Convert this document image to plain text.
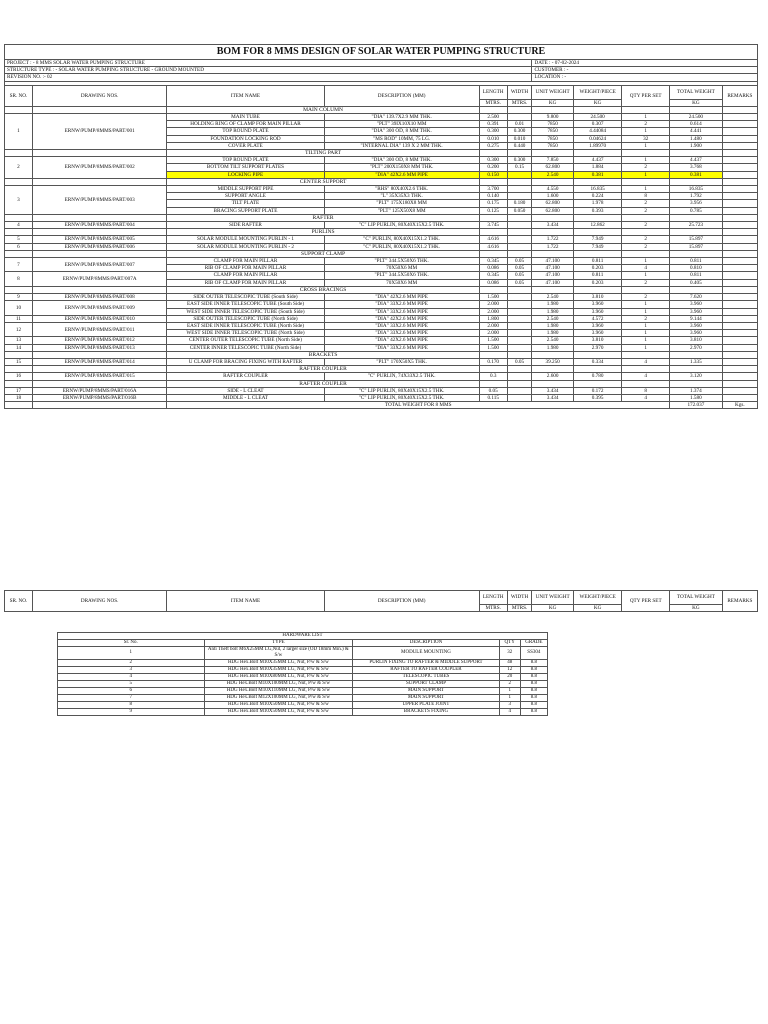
BOM FOR 8 MMS DESIGN OF SOLAR WATER PUMPING STRUCTURE										
PROJECT : - 8 MMS SOLAR WATER PUMPING STRUCTURE						DATE : - 07-02-2024				
STRUCTURE TYPE : - SOLAR WATER PUMPING STRUCTURE - GROUND MOUNTED						CUSTOMER : -				
REVISION NO. :- 02						LOCATION : -				

SR. NO.	DRAWING NOS.	ITEM NAME	DESCRIPTION (MM)	LENGTH	WIDTH	UNIT WEIGHT	WEIGHT/PIECE	QTY PER SET	TOTAL WEIGHT	REMARKS
				MTRS.	MTRS.	KG	KG		KG	
		MAIN COLUMN								
1	ERNW/PUMP/8MMS/PART/001	MAIN TUBE	"DIA" 139.7X2.9 MM THK.	2.500		9.800	24.500	1	24.500	
		HOLDING RING OF CLAMP FOR MAIN PILLAR	"PLT" 39IX10X10 MM	0.391	0.01	7850	0.307	2	0.614	
		TOP ROUND PLATE	"DIA" 300 OD, 8 MM THK.	0.300	0.300	7850	4.44084	1	4.441	
		FOUNDATION LOCKING ROD	"MS ROD" 10MM, 75 LG.	0.010	0.010	7850	0.04624	32	1.480	
		COVER PLATE	"INTERNAL DIA" 139 X 2 MM THK.	0.275	0.440	7850	1.89970	1	1.900	
		TILTING PART								
2	ERNW/PUMP/8MMS/PART/002	TOP ROUND PLATE	"DIA" 300 OD, 8 MM THK.	0.300	0.300	7.850	4.437	1	4.437	
		BOTTOM TILT SUPPORT PLATES	"PLT" 200X150X8 MM THK.	0.200	0.15	62.800	1.884	2	3.768	
		LOCKING PIPE	"DIA" 42X2.6 MM PIPE	0.150		2.540	0.381	1	0.381	
		CENTER SUPPORT								
3	ERNW/PUMP/8MMS/PART/003	MIDDLE SUPPORT PIPE	"RHS" 80X40X2.6 THK.	3.700		4.550	16.835	1	16.835	
		SUPPORT ANGLE	"L" 35X35X3 THK.	0.140		1.600	0.224	8	1.792	
		TILT PLATE	"PLT" 175X180X8 MM	0.175	0.180	62.800	1.978	2	3.956	
		BRACING SUPPORT PLATE	"PLT" 125X50X8 MM	0.125	0.050	62.800	0.393	2	0.785	
		RAFTER								
4	ERNW/PUMP/8MMS/PART/004	SIDE RAFTER	"C" LIP PURLIN, 80X40X15X2.5 THK.	3.745		3.434	12.862	2	25.723	
		PURLINS								
5	ERNW/PUMP/8MMS/PART/005	SOLAR MODULE MOUNTING PURLIN - 1	"C" PURLIN, 80X40X15X1.2 THK.	4.616		1.722	7.949	2	15.897	
6	ERNW/PUMP/8MMS/PART/006	SOLAR MODULE MOUNTING PURLIN - 2	"C" PURLIN, 80X40X15X1.2 THK.	4.616		1.722	7.949	2	15.897	
		SUPPORT CLAMP								
7	ERNW/PUMP/8MMS/PART/007	CLAMP FOR MAIN PILLAR	"PLT" 344.5X50X6 THK.	0.345	0.05	47.100	0.811	1	0.811	
		RIB OF CLAMP FOR MAIN PILLAR	70X50X6 MM	0.086	0.05	47.100	0.203	4	0.810	
8	ERNW/PUMP/8MMS/PART/007A	CLAMP FOR MAIN PILLAR	"PLT" 344.5X50X6 THK.	0.345	0.05	47.100	0.811	1	0.811	
		RIB OF CLAMP FOR MAIN PILLAR	70X50X6 MM	0.086	0.05	47.100	0.203	2	0.405	
		CROSS BRACINGS								
9	ERNW/PUMP/8MMS/PART/008	SIDE OUTER TELESCOPIC TUBE (South Side)	"DIA" 42X2.6 MM PIPE	1.500		2.540	3.810	2	7.620	
10	ERNW/PUMP/8MMS/PART/009	EAST SIDE INNER TELESCOPIC TUBE (South Side)	"DIA" 33X2.6 MM PIPE	2.000		1.980	3.960	1	3.960	
		WEST SIDE INNER TELESCOPIC TUBE (South Side)	"DIA" 33X2.6 MM PIPE	2.000		1.980	3.960	1	3.960	
11	ERNW/PUMP/8MMS/PART/010	SIDE OUTER TELESCOPIC TUBE (North Side)	"DIA" 42X2.6 MM PIPE	1.800		2.540	4.572	2	9.144	
12	ERNW/PUMP/8MMS/PART/011	EAST SIDE INNER TELESCOPIC TUBE (North Side)	"DIA" 33X2.6 MM PIPE	2.000		1.980	3.960	1	3.960	
		WEST SIDE INNER TELESCOPIC TUBE (North Side)	"DIA" 33X2.6 MM PIPE	2.000		1.980	3.960	1	3.960	
13	ERNW/PUMP/8MMS/PART/012	CENTER OUTER TELESCOPIC TUBE (North Side)	"DIA" 42X2.6 MM PIPE	1.500		2.540	3.810	1	3.810	
14	ERNW/PUMP/8MMS/PART/013	CENTER INNER TELESCOPIC TUBE (North Side)	"DIA" 33X2.6 MM PIPE	1.500		1.980	2.970	1	2.970	
		BRACKETS								
15	ERNW/PUMP/8MMS/PART/014	U CLAMP FOR BRACING FIXING WITH RAFTER	"PLT" 170X50X5 THK.	0.170	0.05	39.250	0.334	4	1.335	
		RAFTER COUPLER								
16	ERNW/PUMP/8MMS/PART/015	RAFTER COUPLER	"C" PURLIN, 74X33X2.5 THK.	0.3		2.600	0.780	4	3.120	
		RAFTER COUPLER								
17	ERNW/PUMP/8MMS/PART/016A	SIDE - L CLEAT	"C" LIP PURLIN, 80X40X15X2.5 THK.	0.05		3.434	0.172	8	1.374	
18	ERNW/PUMP/8MMS/PART/016B	MIDDLE - L CLEAT	"C" LIP PURLIN, 80X40X15X2.5 THK.	0.115		3.434	0.395	4	1.580	
		TOTAL WEIGHT FOR 8 MMS							172.037	Kgs.
SR. NO.	DRAWING NOS.	ITEM NAME	DESCRIPTION (MM)	LENGTH	WIDTH	UNIT WEIGHT	WEIGHT/PIECE	QTY PER SET	TOTAL WEIGHT	REMARKS
				MTRS.	MTRS.	KG	KG		KG	
HARDWARE LIST				
Sr. No.	TYPE	DESCRIPTION	QTY	GRADE
1	Anti Theft bolt M6X25MM LG,Nut, 2 larger size (OD 18mm Min.) & S/w	MODULE MOUNTING	32	SS304
2	HDG Hex.Bolt M10X35MM LG, Nut, P/w & S/w	PURLIN FIXING TO RAFTER & MIDDLE SUPPORT	48	8.8
3	HDG Hex.Bolt M10X35MM LG, Nut, P/w & S/w	RAFTER TO RAFTER COUPLER	12	8.8
4	HDG Hex.Bolt M10X80MM LG, Nut, P/w & S/w	TELESCOPIC TUBES	20	8.8
5	HDG Hex.Bolt M10X100MM LG, Nut, P/w & S/w	SUPPORT CLAMP	2	8.8
6	HDG Hex.Bolt M10X110MM LG, Nut, P/w & S/w	MAIN SUPPORT	1	8.8
7	HDG Hex.Bolt M12X100MM LG, Nut, P/w & S/w	MAIN SUPPORT	1	8.8
8	HDG Hex.Bolt M10X50MM LG, Nut, P/w & S/w	UPPER PLATE JOINT	3	8.8
9	HDG Hex.Bolt M10X50MM LG, Nut, P/w & S/w	BRACKETS FIXING	4	8.8
